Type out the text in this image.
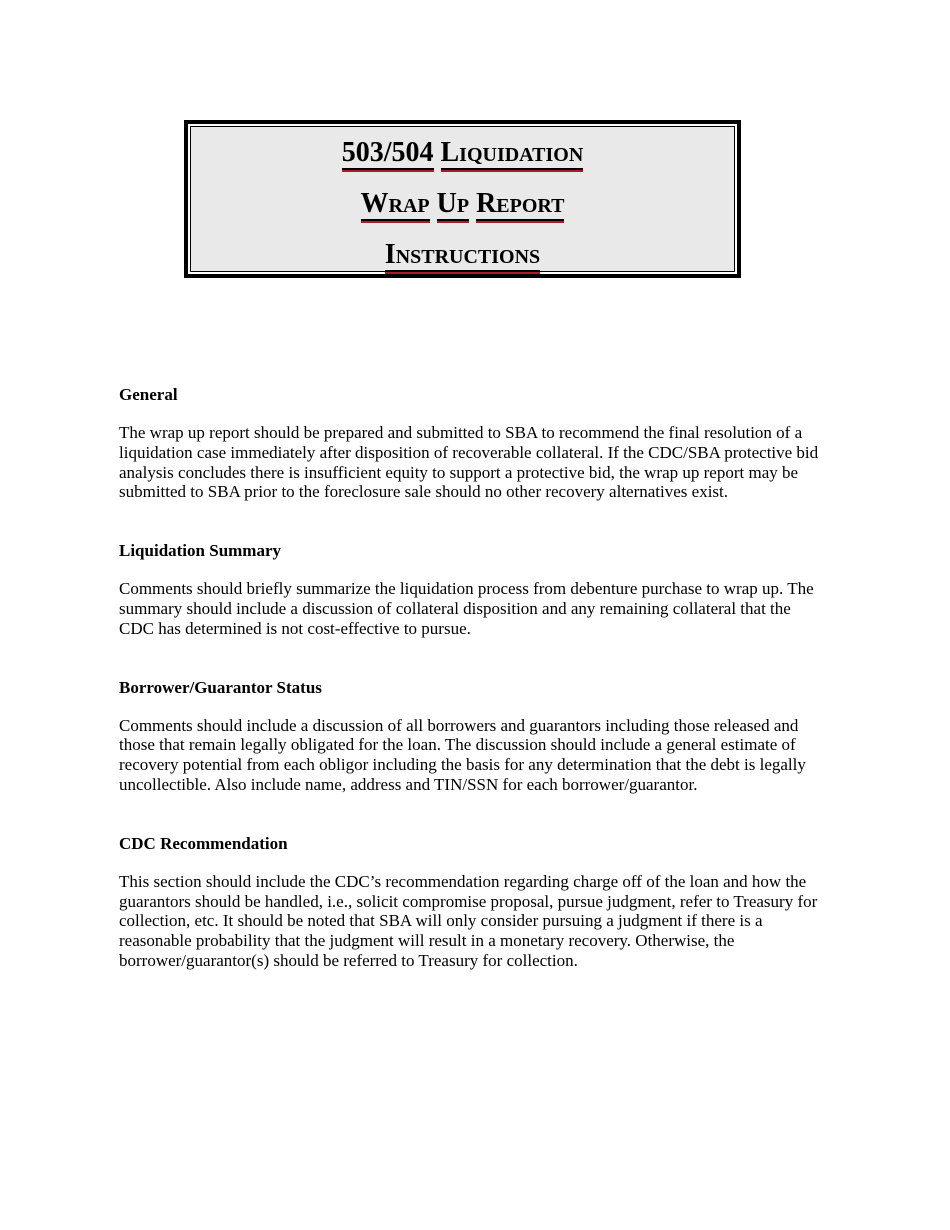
503/504 Liquidation
Wrap Up Report
Instructions
General

The wrap up report should be prepared and submitted to SBA to recommend the final resolution of a liquidation case immediately after disposition of recoverable collateral. If the CDC/SBA protective bid analysis concludes there is insufficient equity to support a protective bid, the wrap up report may be submitted to SBA prior to the foreclosure sale should no other recovery alternatives exist.

Liquidation Summary

Comments should briefly summarize the liquidation process from debenture purchase to wrap up. The summary should include a discussion of collateral disposition and any remaining collateral that the CDC has determined is not cost-effective to pursue.

Borrower/Guarantor Status

Comments should include a discussion of all borrowers and guarantors including those released and those that remain legally obligated for the loan. The discussion should include a general estimate of recovery potential from each obligor including the basis for any determination that the debt is legally uncollectible. Also include name, address and TIN/SSN for each borrower/guarantor.

CDC Recommendation

This section should include the CDC’s recommendation regarding charge off of the loan and how the guarantors should be handled, i.e., solicit compromise proposal, pursue judgment, refer to Treasury for collection, etc. It should be noted that SBA will only consider pursuing a judgment if there is a reasonable probability that the judgment will result in a monetary recovery. Otherwise, the borrower/guarantor(s) should be referred to Treasury for collection.
